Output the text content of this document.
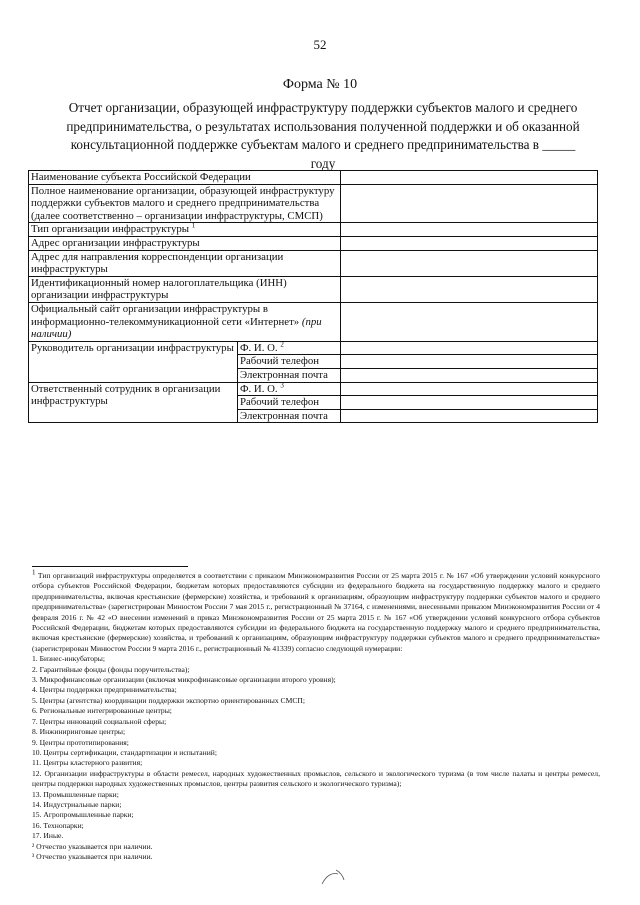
52
Форма № 10
Отчет организации, образующей инфраструктуру поддержки субъектов малого и среднего предпринимательства, о результатах использования полученной поддержки и об оказанной консультационной поддержке субъектам малого и среднего предпринимательства в _____ году
Наименование субъекта Российской Федерации		
Полное наименование организации, образующей инфраструктуру поддержки субъектов малого и среднего предпринимательства (далее соответственно – организации инфраструктуры, СМСП)		
Тип организации инфраструктуры $^1$	
Адрес организации инфраструктуры		
Адрес для направления корреспонденции организации инфраструктуры		
Идентификационный номер налогоплательщика (ИНН) организации инфраструктуры		
Официальный сайт организации инфраструктуры в информационно-телекоммуникационной сети «Интернет» (при наличии)		
Руководитель организации инфраструктуры	Ф. И. О. $^2$	
	Рабочий телефон	
	Электронная почта	
Ответственный сотрудник в организации инфраструктуры	Ф. И. О. $^3$	
	Рабочий телефон	
	Электронная почта	

$^1$ Тип организаций инфраструктуры определяется в соответствии с приказом Минэкономразвития России от 25 марта 2015 г. № 167 «Об утверждении условий конкурсного отбора субъектов Российской Федерации, бюджетам которых предоставляются субсидии из федерального бюджета на государственную поддержку малого и среднего предпринимательства, включая крестьянские (фермерские) хозяйства, и требований к организациям, образующим инфраструктуру поддержки субъектов малого и среднего предпринимательства» (зарегистрирован Минюстом России 7 мая 2015 г., регистрационный № 37164, с изменениями, внесенными приказом Минэкономразвития России от 4 февраля 2016 г. № 42 «О внесении изменений в приказ Минэкономразвития России от 25 марта 2015 г. № 167 «Об утверждении условий конкурсного отбора субъектов Российской Федерации, бюджетам которых предоставляются субсидии из федерального бюджета на государственную поддержку малого и среднего предпринимательства, включая крестьянские (фермерские) хозяйства, и требований к организациям, образующим инфраструктуру поддержки субъектов малого и среднего предпринимательства» (зарегистрирован Минюстом России 9 марта 2016 г., регистрационный № 41339) согласно следующей нумерации:

1. Бизнес-инкубаторы;
2. Гарантийные фонды (фонды поручительства);
3. Микрофинансовые организации (включая микрофинансовые организации второго уровня);
4. Центры поддержки предпринимательства;
5. Центры (агентства) координации поддержки экспортно ориентированных СМСП;
6. Региональные интегрированные центры;
7. Центры инноваций социальной сферы;
8. Инжиниринговые центры;
9. Центры прототипирования;
10. Центры сертификации, стандартизации и испытаний;
11. Центры кластерного развития;
12. Организации инфраструктуры в области ремесел, народных художественных промыслов, сельского и экологического туризма (в том числе палаты и центры ремесел, центры поддержки народных художественных промыслов, центры развития сельского и экологического туризма);
13. Промышленные парки;
14. Индустриальные парки;
15. Агропромышленные парки;
16. Технопарки;
17. Иные.

² Отчество указывается при наличии.

³ Отчество указывается при наличии.
